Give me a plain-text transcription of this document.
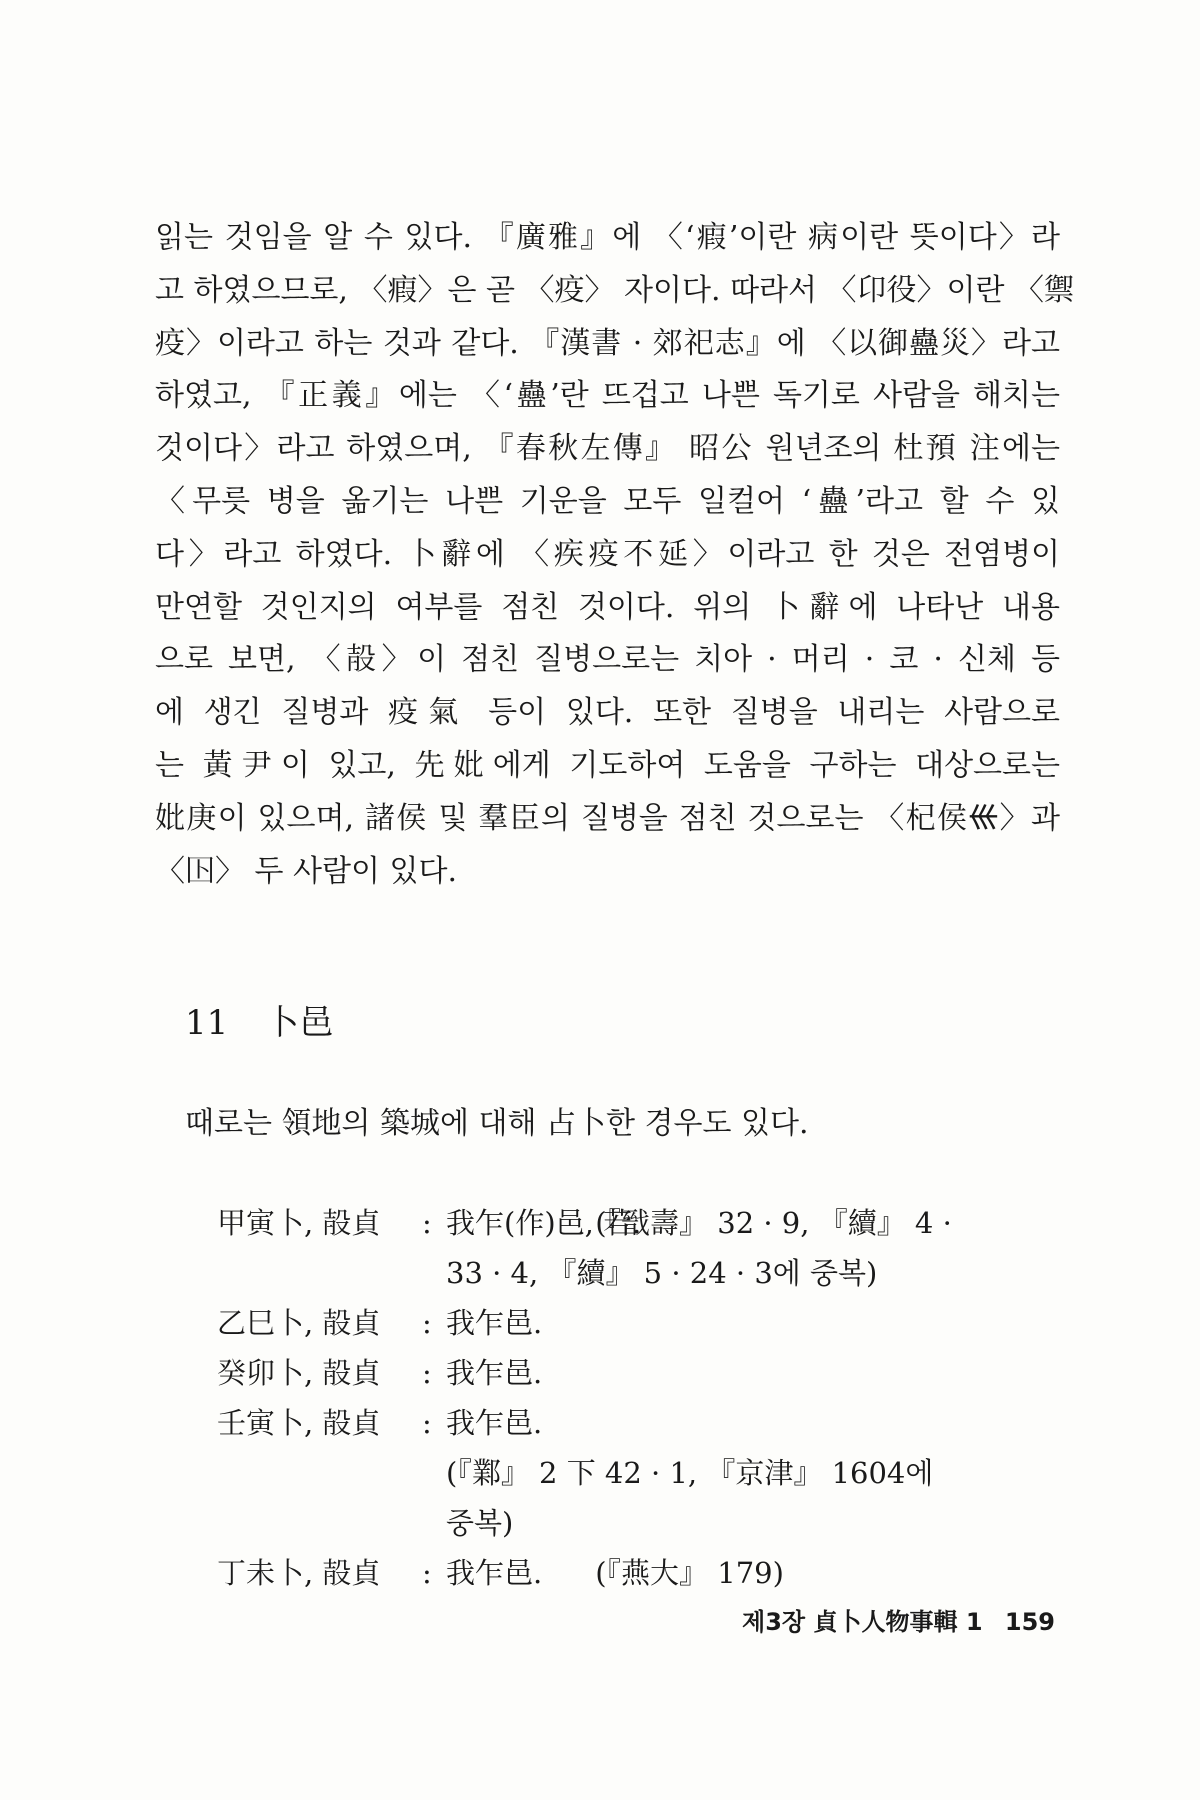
읽는 것임을 알 수 있다. 『廣雅』에 〈‘瘕’이란 病이란 뜻이다〉라
고 하였으므로, 〈瘕〉은 곧 〈疫〉 자이다. 따라서 〈卬役〉이란 〈禦
疫〉이라고 하는 것과 같다. 『漢書 · 郊祀志』에 〈以御蠱災〉라고
하였고, 『正義』에는 〈‘蠱’란 뜨겁고 나쁜 독기로 사람을 해치는
것이다〉라고 하였으며, 『春秋左傳』 昭公 원년조의 杜預 注에는
〈무릇 병을 옮기는 나쁜 기운을 모두 일컬어 ‘蠱’라고 할 수 있
다〉라고 하였다. 卜辭에 〈疾疫不延〉이라고 한 것은 전염병이
만연할 것인지의 여부를 점친 것이다. 위의 卜辭에 나타난 내용
으로 보면, 〈㱿〉이 점친 질병으로는 치아 · 머리 · 코 · 신체 등
에 생긴 질병과 疫氣 등이 있다. 또한 질병을 내리는 사람으로
는 黃尹이 있고, 先妣에게 기도하여 도움을 구하는 대상으로는
妣庚이 있으며, 諸侯 및 羣臣의 질병을 점친 것으로는 〈杞侯𡿧〉과
〈𡆥〉 두 사람이 있다.
11 卜邑
때로는 領地의 築城에 대해 占卜한 경우도 있다.
甲寅卜, 㱿貞	: 我乍(作)邑, 若. (『戩壽』 32 · 9, 『續』 4 ·
33 · 4, 『續』 5 · 24 · 3에 중복)
乙巳卜, 㱿貞	: 我乍邑.
癸卯卜, 㱿貞	: 我乍邑.
壬寅卜, 㱿貞	: 我乍邑. (『鄴』 2 下 42 · 1, 『京津』 1604에
중복)
丁未卜, 㱿貞	: 我乍邑. (『燕大』 179)
제3장 貞卜人物事輯 1 159
